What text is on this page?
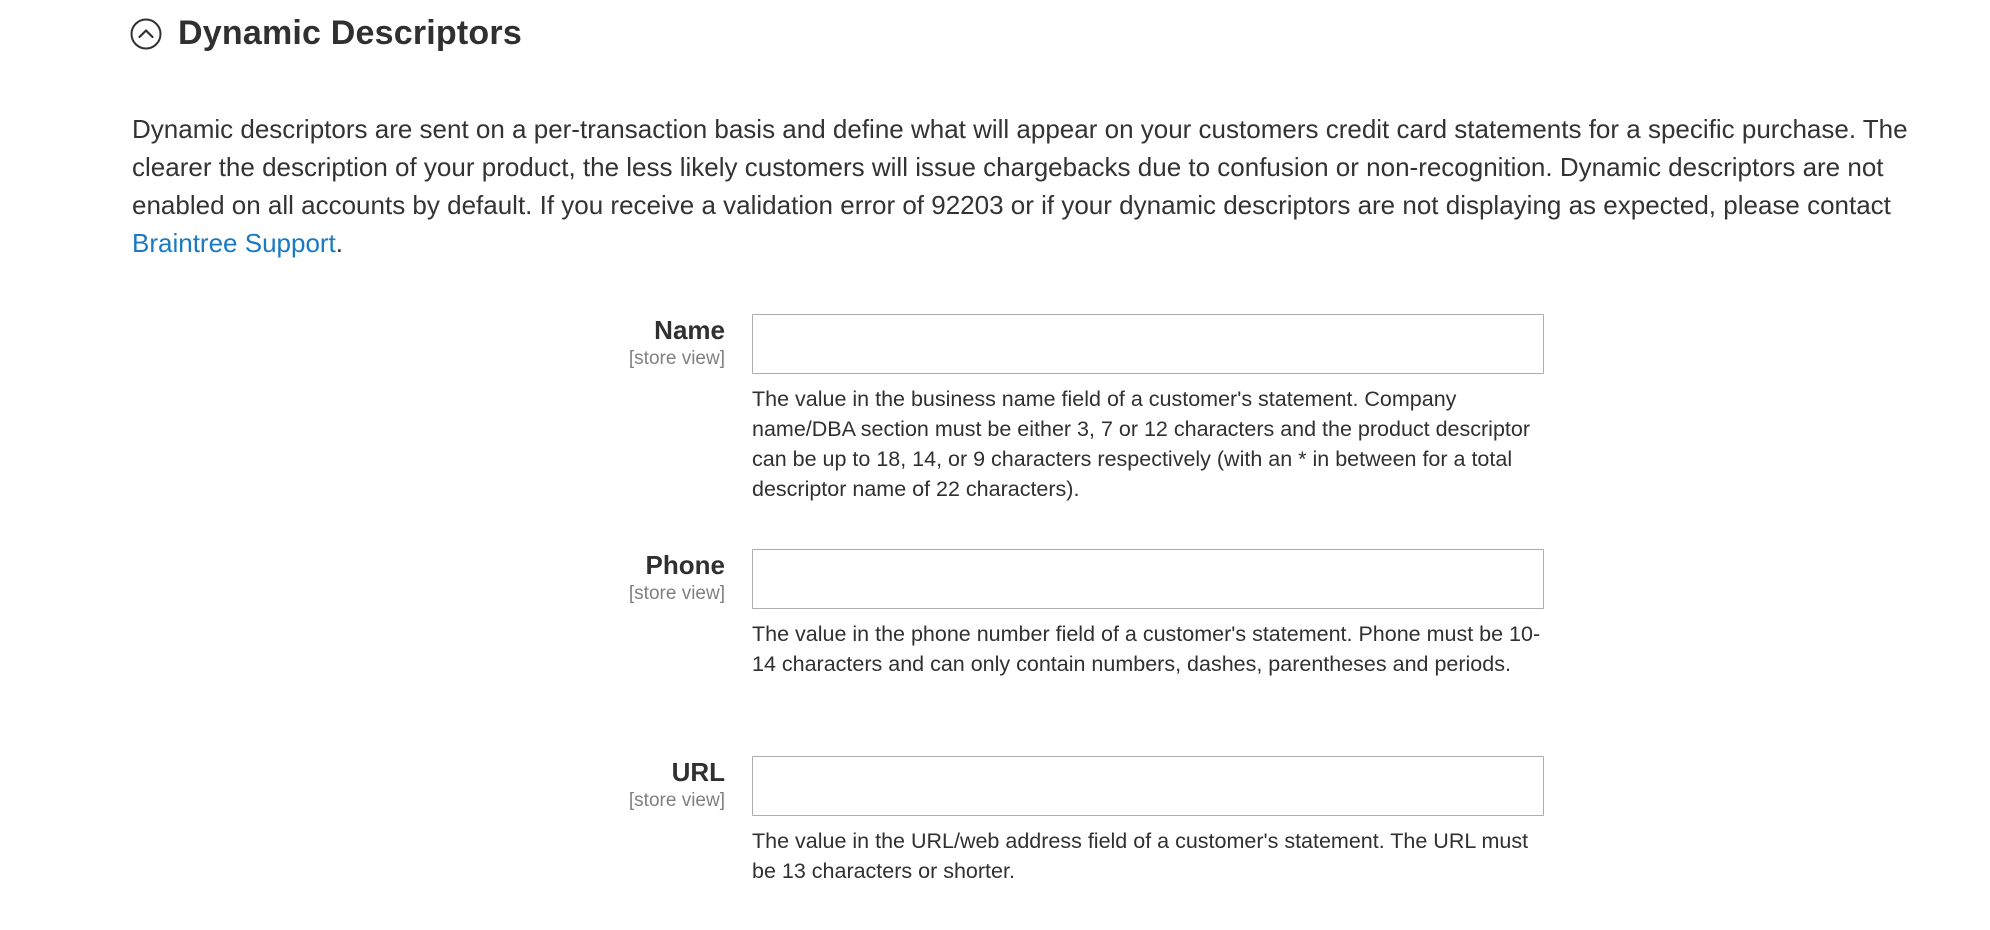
Dynamic Descriptors
Dynamic descriptors are sent on a per-transaction basis and define what will appear on your customers credit card statements for a specific purchase. The clearer the description of your product, the less likely customers will issue chargebacks due to confusion or non-recognition. Dynamic descriptors are not enabled on all accounts by default. If you receive a validation error of 92203 or if your dynamic descriptors are not displaying as expected, please contact Braintree Support.
Name
[store view]
The value in the business name field of a customer's statement. Company name/DBA section must be either 3, 7 or 12 characters and the product descriptor can be up to 18, 14, or 9 characters respectively (with an * in between for a total descriptor name of 22 characters).
Phone
[store view]
The value in the phone number field of a customer's statement. Phone must be 10-14 characters and can only contain numbers, dashes, parentheses and periods.
URL
[store view]
The value in the URL/web address field of a customer's statement. The URL must be 13 characters or shorter.
